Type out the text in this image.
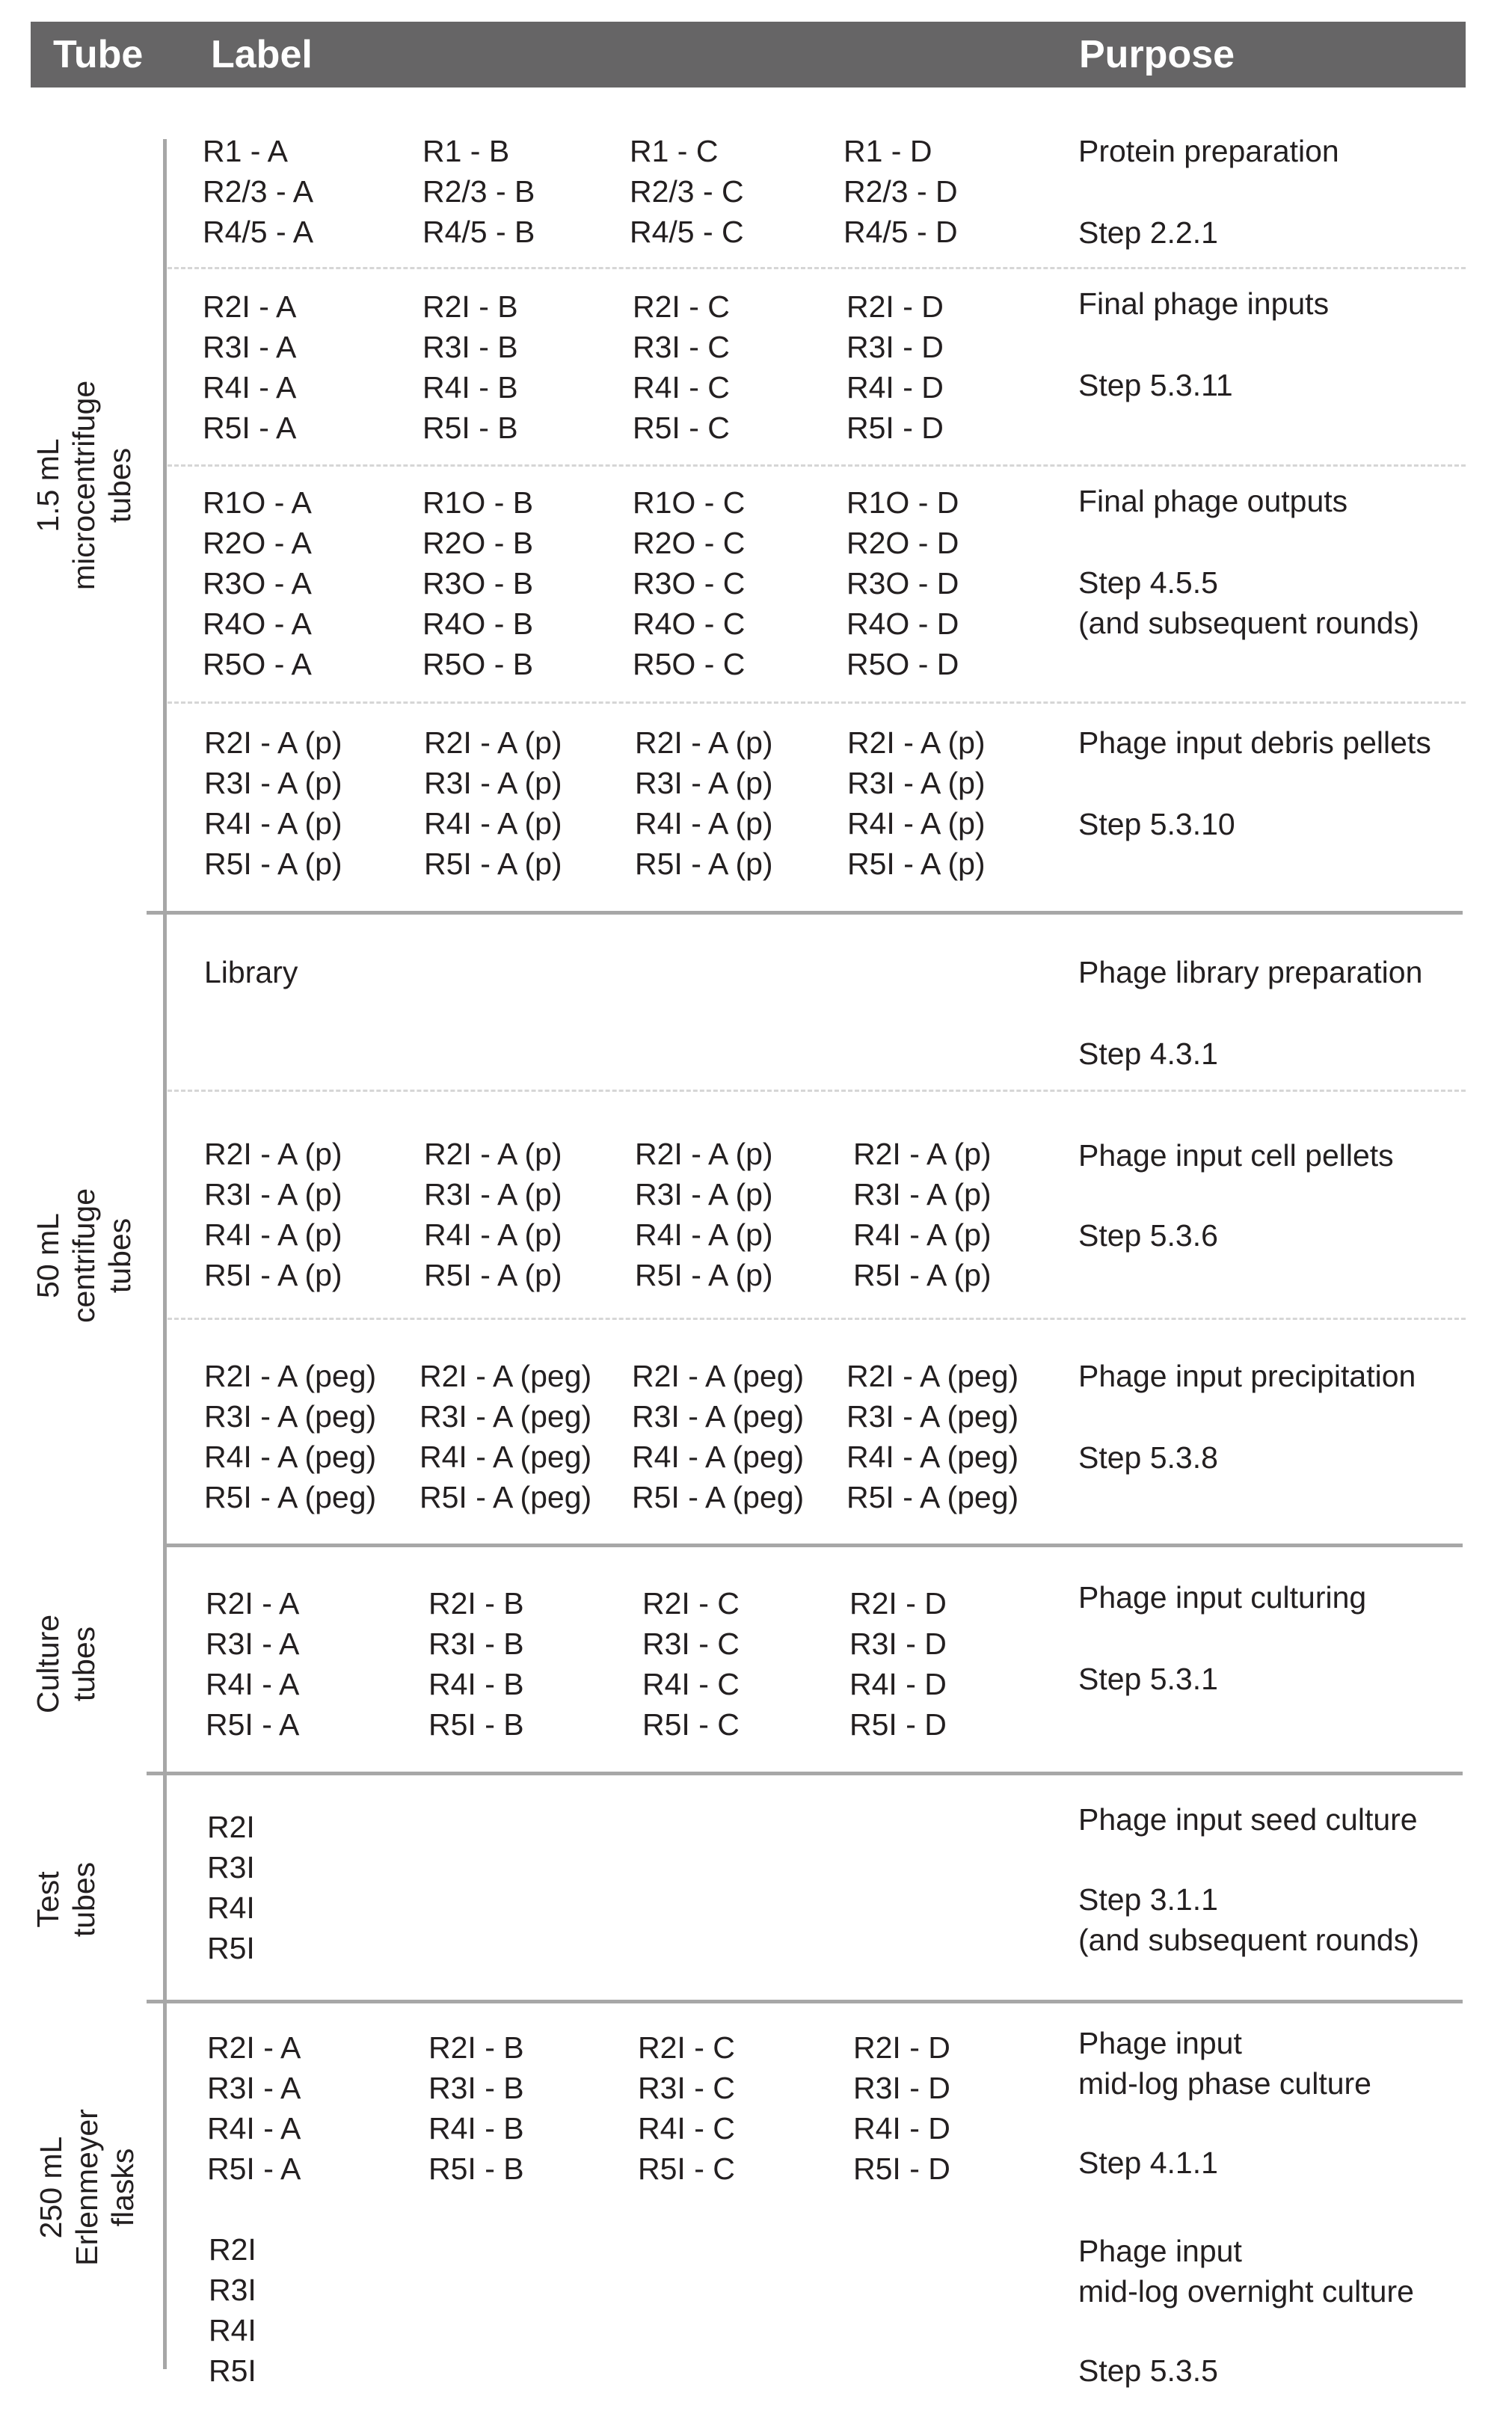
Tube Label	Purpose
1.5 mL microcentrifuge tubes
50 mL centrifuge tubes
Culture tubes
Test tubes
250 mL Erlenmeyer flasks
R1 - A
R2/3 - A
R4/5 - A
R1 - B
R2/3 - B
R4/5 - B
R1 - C
R2/3 - C
R4/5 - C
R1 - D
R2/3 - D
R4/5 - D
Protein preparation
Step 2.2.1
R2I - A
R3I - A
R4I - A
R5I - A
R2I - B
R3I - B
R4I - B
R5I - B
R2I - C
R3I - C
R4I - C
R5I - C
R2I - D
R3I - D
R4I - D
R5I - D
Final phage inputs
Step 5.3.11
R1O - A
R2O - A
R3O - A
R4O - A
R5O - A
R1O - B
R2O - B
R3O - B
R4O - B
R5O - B
R1O - C
R2O - C
R3O - C
R4O - C
R5O - C
R1O - D
R2O - D
R3O - D
R4O - D
R5O - D
Final phage outputs
Step 4.5.5
(and subsequent rounds)
R2I - A (p)
R3I - A (p)
R4I - A (p)
R5I - A (p)
R2I - A (p)
R3I - A (p)
R4I - A (p)
R5I - A (p)
R2I - A (p)
R3I - A (p)
R4I - A (p)
R5I - A (p)
R2I - A (p)
R3I - A (p)
R4I - A (p)
R5I - A (p)
Phage input debris pellets
Step 5.3.10
Library	Phage library preparation
Step 4.3.1
R2I - A (p)
R3I - A (p)
R4I - A (p)
R5I - A (p)
R2I - A (p)
R3I - A (p)
R4I - A (p)
R5I - A (p)
R2I - A (p)
R3I - A (p)
R4I - A (p)
R5I - A (p)
R2I - A (p)
R3I - A (p)
R4I - A (p)
R5I - A (p)
Phage input cell pellets
Step 5.3.6
R2I - A (peg)
R3I - A (peg)
R4I - A (peg)
R5I - A (peg)
R2I - A (peg)
R3I - A (peg)
R4I - A (peg)
R5I - A (peg)
R2I - A (peg)
R3I - A (peg)
R4I - A (peg)
R5I - A (peg)
R2I - A (peg)
R3I - A (peg)
R4I - A (peg)
R5I - A (peg)
Phage input precipitation
Step 5.3.8
R2I - A
R3I - A
R4I - A
R5I - A
R2I - B
R3I - B
R4I - B
R5I - B
R2I - C
R3I - C
R4I - C
R5I - C
R2I - D
R3I - D
R4I - D
R5I - D
Phage input culturing
Step 5.3.1
R2I
R3I
R4I
R5I
Phage input seed culture
Step 3.1.1
(and subsequent rounds)
R2I - A
R3I - A
R4I - A
R5I - A
R2I - B
R3I - B
R4I - B
R5I - B
R2I - C
R3I - C
R4I - C
R5I - C
R2I - D
R3I - D
R4I - D
R5I - D
Phage input
mid-log phase culture
Step 4.1.1
R2I
R3I
R4I
R5I
Phage input
mid-log overnight culture
Step 5.3.5
